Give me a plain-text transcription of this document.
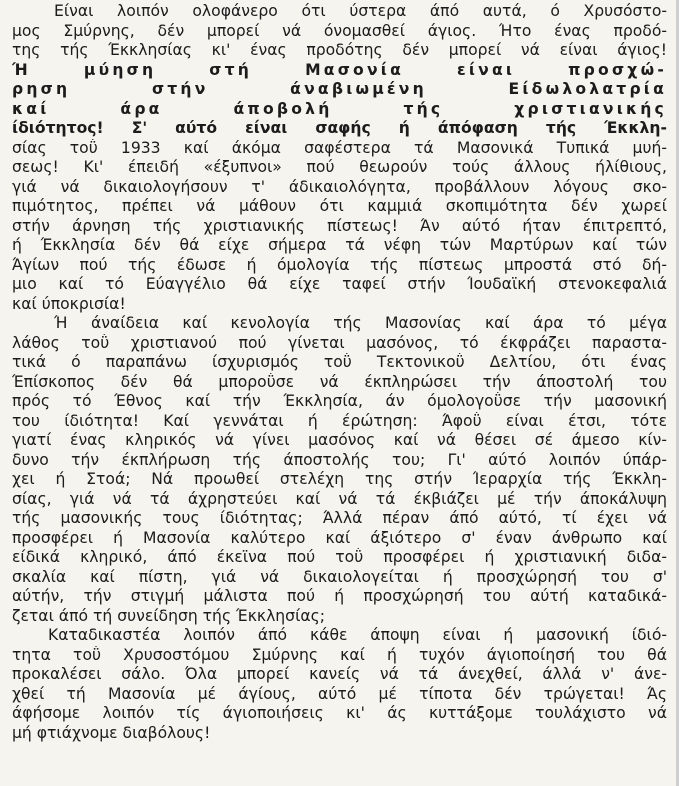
Είναι λοιπόν ολοφάνερο ότι ύστερα άπό αυτά, ό Χρυσόστο-
μος Σμύρνης, δέν μπορεί νά όνομασθεί άγιος. Ήτο ένας προδό-
της τής Έκκλησίας κι' ένας προδότης δέν μπορεί νά είναι άγιος!
Ή μύηση στή Μασονία είναι προσχώ-
ρηση στήν άναβιωμένη Είδωλολατρία
καί άρα άποβολή τής χριστιανικής
ίδιότητος! Σ' αύτό είναι σαφής ή άπόφαση τής Έκκλη-
σίας τοΰ 1933 καί άκόμα σαφέστερα τά Μασονικά Τυπικά μυή-
σεως! Κι' έπειδή «έξυπνοι» πού θεωρούν τούς άλλους ήλίθιους,
γιά νά δικαιολογήσουν τ' άδικαιολόγητα, προβάλλουν λόγους σκο-
πιμότητος, πρέπει νά μάθουν ότι καμμιά σκοπιμότητα δέν χωρεί
στήν άρνηση τής χριστιανικής πίστεως! Άν αύτό ήταν έπιτρεπτό,
ή Έκκλησία δέν θά είχε σήμερα τά νέφη τών Μαρτύρων καί τών
Άγίων πού τής έδωσε ή όμολογία τής πίστεως μπροστά στό δή-
μιο καί τό Εύαγγέλιο θά είχε ταφεί στήν Ίουδαϊκή στενοκεφαλιά
καί ύποκρισία!
Ή άναίδεια καί κενολογία τής Μασονίας καί άρα τό μέγα
λάθος τοΰ χριστιανού πού γίνεται μασόνος, τό έκφράζει παραστα-
τικά ό παραπάνω ίσχυρισμός τοΰ Τεκτονικοΰ Δελτίου, ότι ένας
Έπίσκοπος δέν θά μποροΰσε νά έκπληρώσει τήν άποστολή του
πρός τό Έθνος καί τήν Έκκλησία, άν όμολογοΰσε τήν μασονική
του ίδιότητα! Καί γεννάται ή έρώτηση: Άφοΰ είναι έτσι, τότε
γιατί ένας κληρικός νά γίνει μασόνος καί νά θέσει σέ άμεσο κίν-
δυνο τήν έκπλήρωση τής άποστολής του; Γι' αύτό λοιπόν ύπάρ-
χει ή Στοά; Νά προωθεί στελέχη της στήν Ίεραρχία τής Έκκλη-
σίας, γιά νά τά άχρηστεύει καί νά τά έκβιάζει μέ τήν άποκάλυψη
τής μασονικής τους ίδιότητας; Άλλά πέραν άπό αύτό, τί έχει νά
προσφέρει ή Μασονία καλύτερο καί άξιότερο σ' έναν άνθρωπο καί
είδικά κληρικό, άπό έκεϊνα πού τοΰ προσφέρει ή χριστιανική διδα-
σκαλία καί πίστη, γιά νά δικαιολογείται ή προσχώρησή του σ'
αύτήν, τήν στιγμή μάλιστα πού ή προσχώρησή του αύτή καταδικά-
ζεται άπό τή συνείδηση τής Έκκλησίας;
Καταδικαστέα λοιπόν άπό κάθε άποψη είναι ή μασονική ίδιό-
τητα τοΰ Χρυσοστόμου Σμύρνης καί ή τυχόν άγιοποίησή του θά
προκαλέσει σάλο. Όλα μπορεί κανείς νά τά άνεχθεί, άλλά ν' άνε-
χθεί τή Μασονία μέ άγίους, αύτό μέ τίποτα δέν τρώγεται! Άς
άφήσομε λοιπόν τίς άγιοποιήσεις κι' άς κυττάξομε τουλάχιστο νά
μή φτιάχνομε διαβόλους!
